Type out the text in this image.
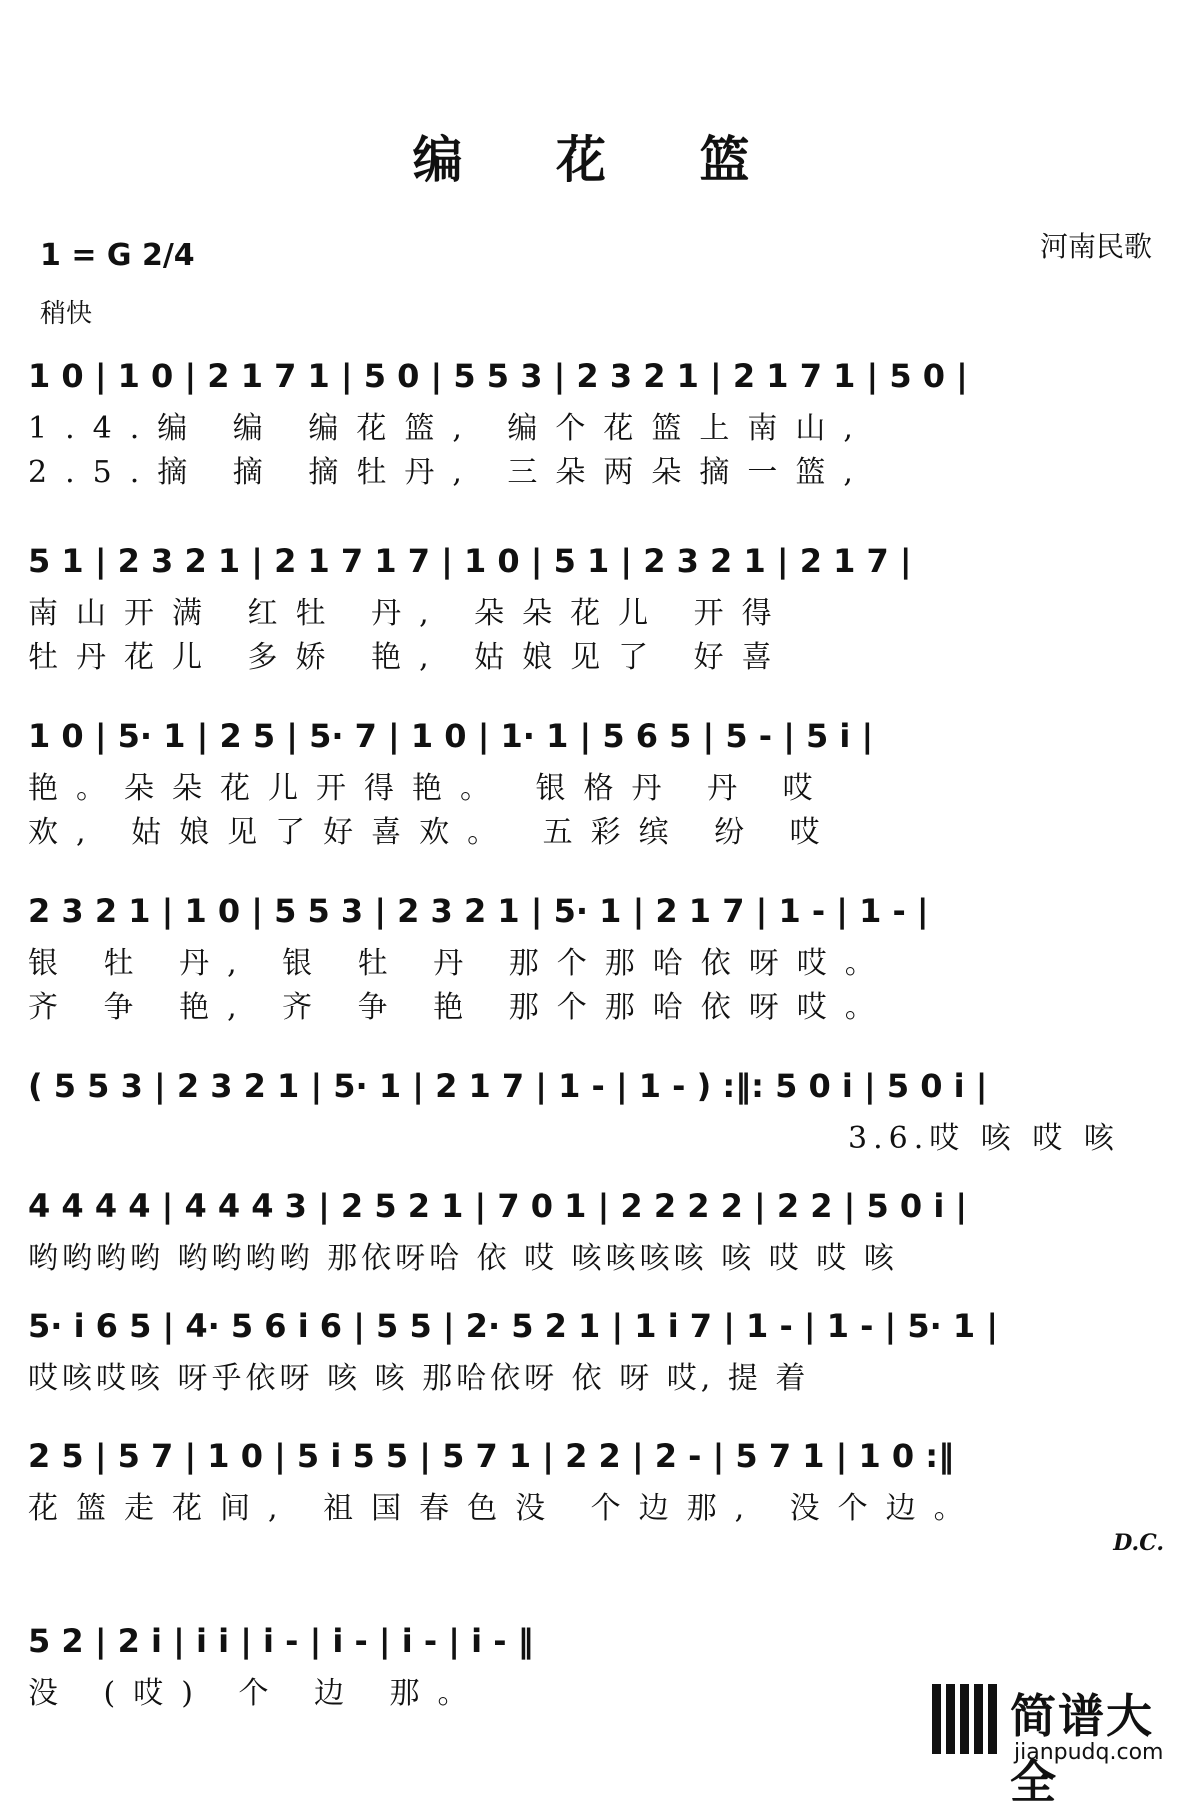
编 花 篮
河南民歌
1 = G 2/4
稍快
1 0 | 1 0 | 2 1 7 1 | 5 0 | 5 5 3 | 2 3 2 1 | 2 1 7 1 | 5 0 |
1.4.编 编 编花篮, 编个花篮上南山,
2.5.摘 摘 摘牡丹, 三朵两朵摘一篮,
5 1 | 2 3 2 1 | 2 1 7 1 7 | 1 0 | 5 1 | 2 3 2 1 | 2 1 7 |
南山开满 红牡 丹, 朵朵花儿 开得
牡丹花儿 多娇 艳, 姑娘见了 好喜
1 0 | 5· 1 | 2 5 | 5· 7 | 1 0 | 1· 1 | 5 6 5 | 5 - | 5 i |
艳。朵朵花儿开得艳。 银格丹 丹 哎
欢, 姑娘见了好喜欢。 五彩缤 纷 哎
2 3 2 1 | 1 0 | 5 5 3 | 2 3 2 1 | 5· 1 | 2 1 7 | 1 - | 1 - |
银 牡 丹, 银 牡 丹 那个那哈依呀哎。
齐 争 艳, 齐 争 艳 那个那哈依呀哎。
( 5 5 3 | 2 3 2 1 | 5· 1 | 2 1 7 | 1 - | 1 - ) :‖: 5 0 i | 5 0 i |
3.6.哎 咳 哎 咳
4 4 4 4 | 4 4 4 3 | 2 5 2 1 | 7 0 1 | 2 2 2 2 | 2 2 | 5 0 i |
哟哟哟哟 哟哟哟哟 那依呀哈 依 哎 咳咳咳咳 咳 哎 哎 咳
5· i 6 5 | 4· 5 6 i 6 | 5 5 | 2· 5 2 1 | 1 i 7 | 1 - | 1 - | 5· 1 |
哎咳哎咳 呀乎依呀 咳 咳 那哈依呀 依 呀 哎, 提 着
2 5 | 5 7 | 1 0 | 5 i 5 5 | 5 7 1 | 2 2 | 2 - | 5 7 1 | 1 0 :‖
花篮走花间, 祖国春色没 个边那, 没个边。
D.C.
5 2 | 2 i | i i | i - | i - | i - | i - ‖
没 (哎) 个 边 那。	简谱大全
jianpudq.com
